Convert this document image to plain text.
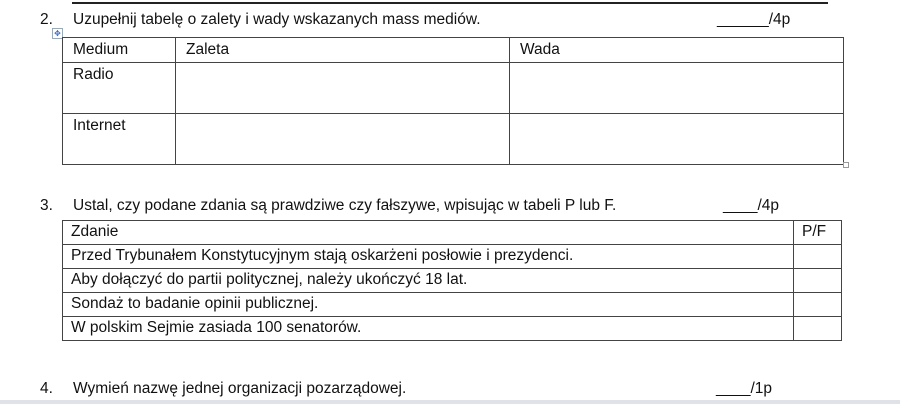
2.
✥
Uzupełnij tabelę o zalety i wady wskazanych mass mediów.	______/4p
Medium	Zaleta	Wada
Radio		
Internet		
3.	Ustal, czy podane zdania są prawdziwe czy fałszywe, wpisując w tabeli P lub F.	____/4p
Zdanie	P/F
Przed Trybunałem Konstytucyjnym stają oskarżeni posłowie i prezydenci.	
Aby dołączyć do partii politycznej, należy ukończyć 18 lat.	
Sondaż to badanie opinii publicznej.	
W polskim Sejmie zasiada 100 senatorów.	
4.	Wymień nazwę jednej organizacji pozarządowej.	____/1p
